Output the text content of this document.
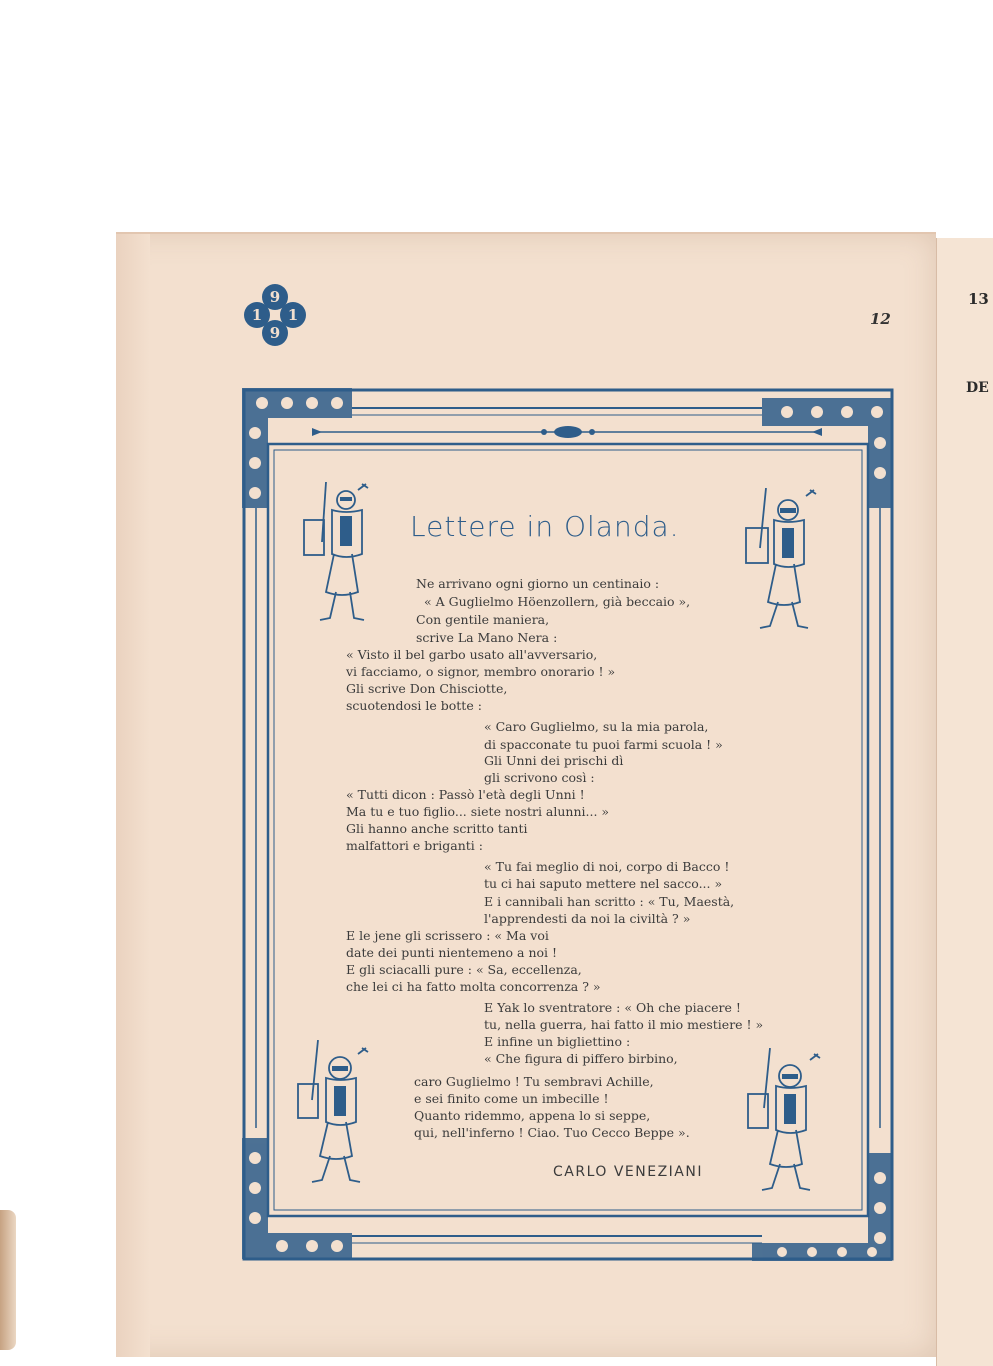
13
DE
9
1 1
9
12
Lettere in Olanda.
Ne arrivano ogni giorno un centinaio :
« A Guglielmo Höenzollern, già beccaio »,
Con gentile maniera,
scrive La Mano Nera :
« Visto il bel garbo usato all'avversario,
vi facciamo, o signor, membro onorario ! »
Gli scrive Don Chisciotte,
scuotendosi le botte :
« Caro Guglielmo, su la mia parola,
di spacconate tu puoi farmi scuola ! »
Gli Unni dei prischi dì
gli scrivono così :
« Tutti dicon : Passò l'età degli Unni !
Ma tu e tuo figlio... siete nostri alunni... »
Gli hanno anche scritto tanti
malfattori e briganti :
« Tu fai meglio di noi, corpo di Bacco !
tu ci hai saputo mettere nel sacco... »
E i cannibali han scritto : « Tu, Maestà,
l'apprendesti da noi la civiltà ? »
E le jene gli scrissero : « Ma voi
date dei punti nientemeno a noi !
E gli sciacalli pure : « Sa, eccellenza,
che lei ci ha fatto molta concorrenza ? »
E Yak lo sventratore : « Oh che piacere !
tu, nella guerra, hai fatto il mio mestiere ! »
E infine un bigliettino :
« Che figura di piffero birbino,
caro Guglielmo ! Tu sembravi Achille,
e sei finito come un imbecille !
Quanto ridemmo, appena lo si seppe,
qui, nell'inferno ! Ciao. Tuo Cecco Beppe ».
CARLO VENEZIANI
